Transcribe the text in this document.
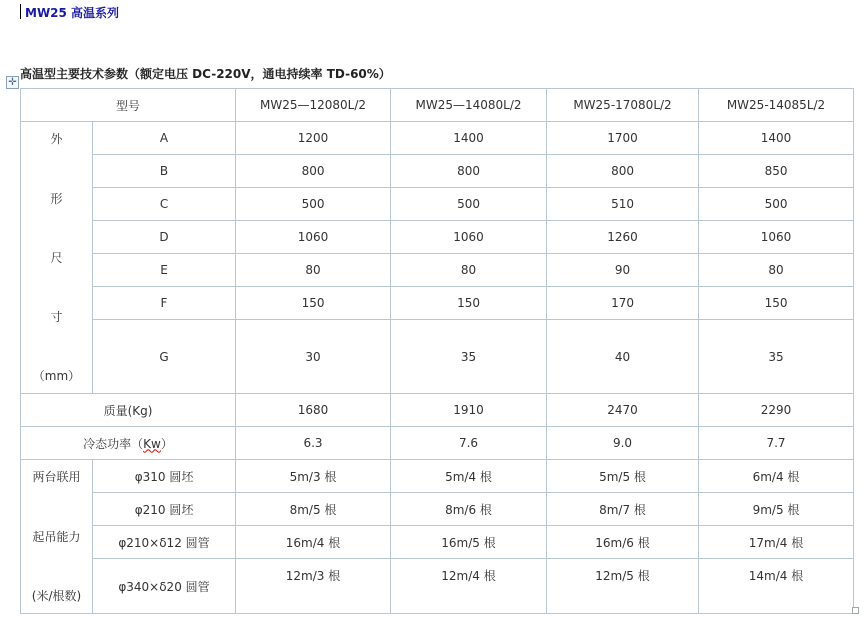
MW25 高温系列
高温型主要技术参数（额定电压 DC-220V，通电持续率 TD-60%）
✛
型号		MW25—12080L/2	MW25—14080L/2	MW25-17080L/2	MW25-14085L/2

外
形
尺
寸
（mm）	A	1200	1400	1700	1400
	B	800	800	800	850
	C	500	500	510	500
	D	1060	1060	1260	1060
	E	80	80	90	80
	F	150	150	170	150
	G	30	35	40	35
质量(Kg)		1680	1910	2470	2290
冷态功率（Kw）		6.3	7.6	9.0	7.7

两台联用
起吊能力
(米/根数)	φ310 圆坯	5m/3 根	5m/4 根	5m/5 根	6m/4 根
	φ210 圆坯	8m/5 根	8m/6 根	8m/7 根	9m/5 根
	φ210×δ12 圆管	16m/4 根	16m/5 根	16m/6 根	17m/4 根
	φ340×δ20 圆管	12m/3 根	12m/4 根	12m/5 根	14m/4 根
